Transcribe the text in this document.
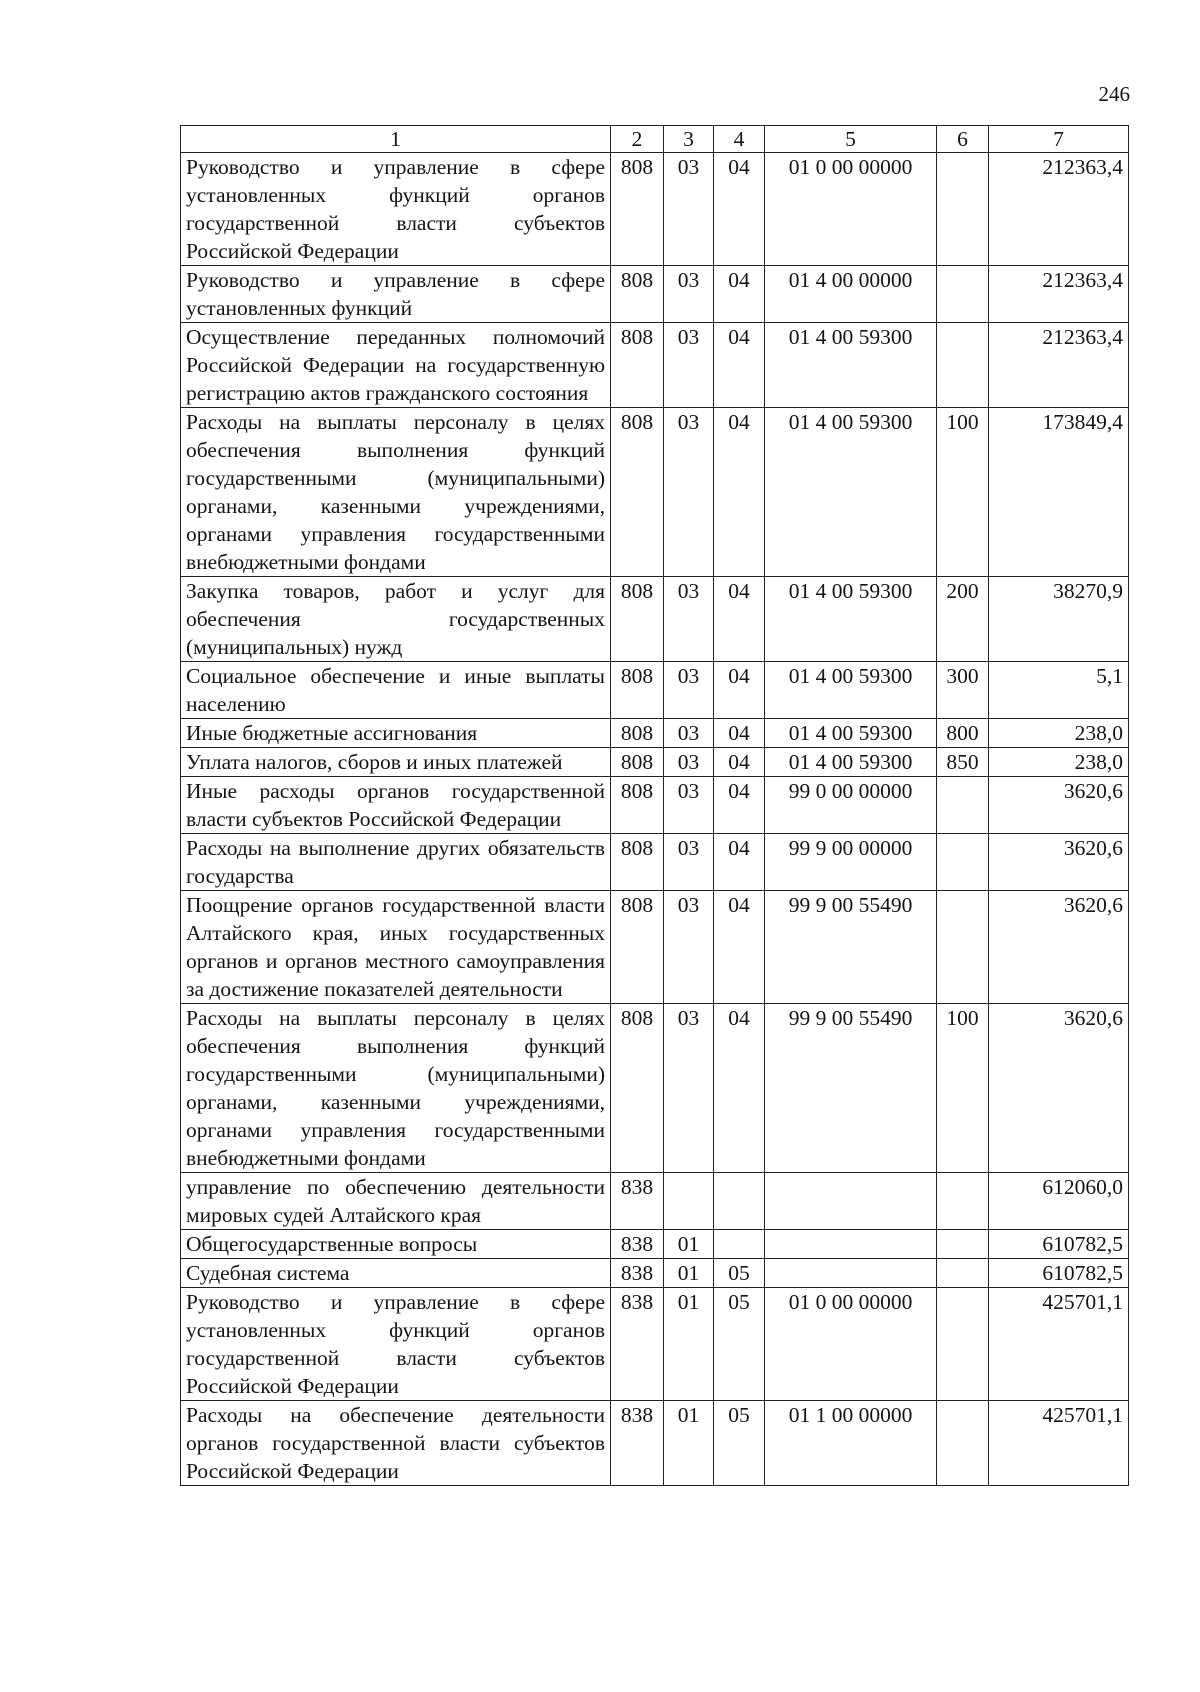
246
1	2	3	4	5	6	7
Руководство и управление в сфере установленных функций органов государственной власти субъектов Российской Федерации	808	03	04	01 0 00 00000		212363,4
Руководство и управление в сфере установленных функций	808	03	04	01 4 00 00000		212363,4
Осуществление переданных полномочий Российской Федерации на государственную регистрацию актов гражданского состояния	808	03	04	01 4 00 59300		212363,4
Расходы на выплаты персоналу в целях обеспечения выполнения функций государственными (муниципальными) органами, казенными учреждениями, органами управления государственными внебюджетными фондами	808	03	04	01 4 00 59300	100	173849,4
Закупка товаров, работ и услуг для обеспечения государственных (муниципальных) нужд	808	03	04	01 4 00 59300	200	38270,9
Социальное обеспечение и иные выплаты населению	808	03	04	01 4 00 59300	300	5,1
Иные бюджетные ассигнования	808	03	04	01 4 00 59300	800	238,0
Уплата налогов, сборов и иных платежей	808	03	04	01 4 00 59300	850	238,0
Иные расходы органов государственной власти субъектов Российской Федерации	808	03	04	99 0 00 00000		3620,6
Расходы на выполнение других обязательств государства	808	03	04	99 9 00 00000		3620,6
Поощрение органов государственной власти Алтайского края, иных государственных органов и органов местного самоуправления за достижение показателей деятельности	808	03	04	99 9 00 55490		3620,6
Расходы на выплаты персоналу в целях обеспечения выполнения функций государственными (муниципальными) органами, казенными учреждениями, органами управления государственными внебюджетными фондами	808	03	04	99 9 00 55490	100	3620,6
управление по обеспечению деятельности мировых судей Алтайского края	838					612060,0
Общегосударственные вопросы	838	01				610782,5
Судебная система	838	01	05			610782,5
Руководство и управление в сфере установленных функций органов государственной власти субъектов Российской Федерации	838	01	05	01 0 00 00000		425701,1
Расходы на обеспечение деятельности органов государственной власти субъектов Российской Федерации	838	01	05	01 1 00 00000		425701,1
